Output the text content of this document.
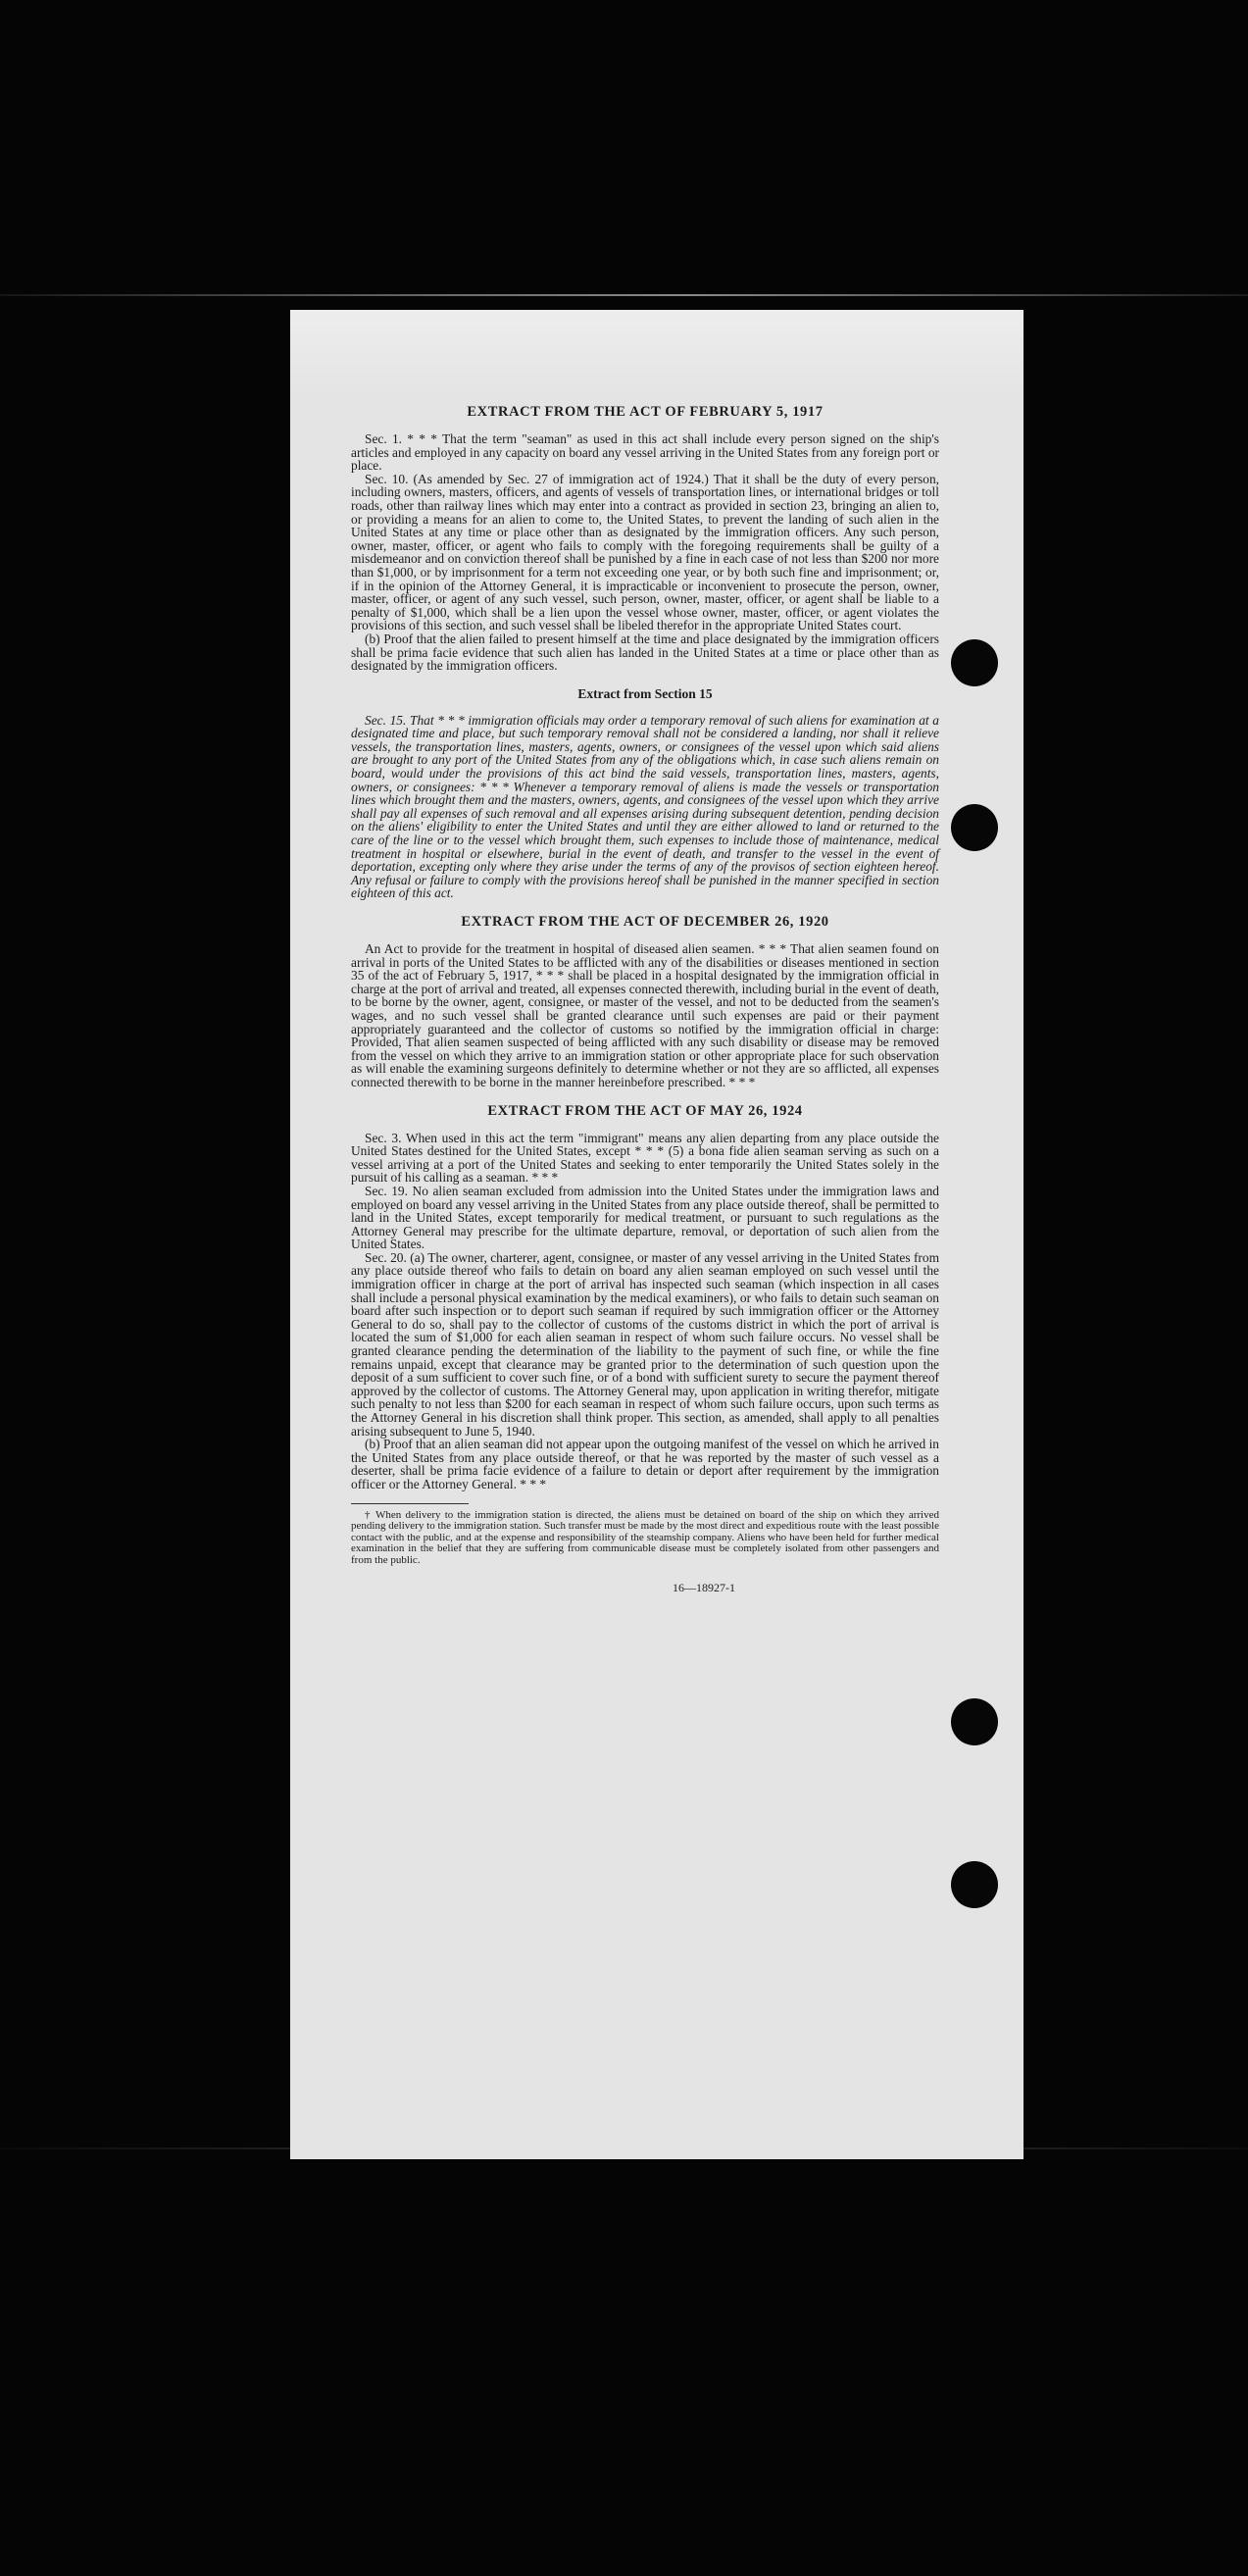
EXTRACT FROM THE ACT OF FEBRUARY 5, 1917

Sec. 1. * * * That the term "seaman" as used in this act shall include every person signed on the ship's articles and employed in any capacity on board any vessel arriving in the United States from any foreign port or place.

Sec. 10. (As amended by Sec. 27 of immigration act of 1924.) That it shall be the duty of every person, including owners, masters, officers, and agents of vessels of transportation lines, or international bridges or toll roads, other than railway lines which may enter into a contract as provided in section 23, bringing an alien to, or providing a means for an alien to come to, the United States, to prevent the landing of such alien in the United States at any time or place other than as designated by the immigration officers. Any such person, owner, master, officer, or agent who fails to comply with the foregoing requirements shall be guilty of a misdemeanor and on conviction thereof shall be punished by a fine in each case of not less than $200 nor more than $1,000, or by imprisonment for a term not exceeding one year, or by both such fine and imprisonment; or, if in the opinion of the Attorney General, it is impracticable or inconvenient to prosecute the person, owner, master, officer, or agent of any such vessel, such person, owner, master, officer, or agent shall be liable to a penalty of $1,000, which shall be a lien upon the vessel whose owner, master, officer, or agent violates the provisions of this section, and such vessel shall be libeled therefor in the appropriate United States court.

(b) Proof that the alien failed to present himself at the time and place designated by the immigration officers shall be prima facie evidence that such alien has landed in the United States at a time or place other than as designated by the immigration officers.

Extract from Section 15

Sec. 15. That * * * immigration officials may order a temporary removal of such aliens for examination at a designated time and place, but such temporary removal shall not be considered a landing, nor shall it relieve vessels, the transportation lines, masters, agents, owners, or consignees of the vessel upon which said aliens are brought to any port of the United States from any of the obligations which, in case such aliens remain on board, would under the provisions of this act bind the said vessels, transportation lines, masters, agents, owners, or consignees: * * * Whenever a temporary removal of aliens is made the vessels or transportation lines which brought them and the masters, owners, agents, and consignees of the vessel upon which they arrive shall pay all expenses of such removal and all expenses arising during subsequent detention, pending decision on the aliens' eligibility to enter the United States and until they are either allowed to land or returned to the care of the line or to the vessel which brought them, such expenses to include those of maintenance, medical treatment in hospital or elsewhere, burial in the event of death, and transfer to the vessel in the event of deportation, excepting only where they arise under the terms of any of the provisos of section eighteen hereof. Any refusal or failure to comply with the provisions hereof shall be punished in the manner specified in section eighteen of this act.

EXTRACT FROM THE ACT OF DECEMBER 26, 1920

An Act to provide for the treatment in hospital of diseased alien seamen. * * * That alien seamen found on arrival in ports of the United States to be afflicted with any of the disabilities or diseases mentioned in section 35 of the act of February 5, 1917, * * * shall be placed in a hospital designated by the immigration official in charge at the port of arrival and treated, all expenses connected therewith, including burial in the event of death, to be borne by the owner, agent, consignee, or master of the vessel, and not to be deducted from the seamen's wages, and no such vessel shall be granted clearance until such expenses are paid or their payment appropriately guaranteed and the collector of customs so notified by the immigration official in charge: Provided, That alien seamen suspected of being afflicted with any such disability or disease may be removed from the vessel on which they arrive to an immigration station or other appropriate place for such observation as will enable the examining surgeons definitely to determine whether or not they are so afflicted, all expenses connected therewith to be borne in the manner hereinbefore prescribed. * * *

EXTRACT FROM THE ACT OF MAY 26, 1924

Sec. 3. When used in this act the term "immigrant" means any alien departing from any place outside the United States destined for the United States, except * * * (5) a bona fide alien seaman serving as such on a vessel arriving at a port of the United States and seeking to enter temporarily the United States solely in the pursuit of his calling as a seaman. * * *

Sec. 19. No alien seaman excluded from admission into the United States under the immigration laws and employed on board any vessel arriving in the United States from any place outside thereof, shall be permitted to land in the United States, except temporarily for medical treatment, or pursuant to such regulations as the Attorney General may prescribe for the ultimate departure, removal, or deportation of such alien from the United States.

Sec. 20. (a) The owner, charterer, agent, consignee, or master of any vessel arriving in the United States from any place outside thereof who fails to detain on board any alien seaman employed on such vessel until the immigration officer in charge at the port of arrival has inspected such seaman (which inspection in all cases shall include a personal physical examination by the medical examiners), or who fails to detain such seaman on board after such inspection or to deport such seaman if required by such immigration officer or the Attorney General to do so, shall pay to the collector of customs of the customs district in which the port of arrival is located the sum of $1,000 for each alien seaman in respect of whom such failure occurs. No vessel shall be granted clearance pending the determination of the liability to the payment of such fine, or while the fine remains unpaid, except that clearance may be granted prior to the determination of such question upon the deposit of a sum sufficient to cover such fine, or of a bond with sufficient surety to secure the payment thereof approved by the collector of customs. The Attorney General may, upon application in writing therefor, mitigate such penalty to not less than $200 for each seaman in respect of whom such failure occurs, upon such terms as the Attorney General in his discretion shall think proper. This section, as amended, shall apply to all penalties arising subsequent to June 5, 1940.

(b) Proof that an alien seaman did not appear upon the outgoing manifest of the vessel on which he arrived in the United States from any place outside thereof, or that he was reported by the master of such vessel as a deserter, shall be prima facie evidence of a failure to detain or deport after requirement by the immigration officer or the Attorney General. * * *

† When delivery to the immigration station is directed, the aliens must be detained on board of the ship on which they arrived pending delivery to the immigration station. Such transfer must be made by the most direct and expeditious route with the least possible contact with the public, and at the expense and responsibility of the steamship company. Aliens who have been held for further medical examination in the belief that they are suffering from communicable disease must be completely isolated from other passengers and from the public.

16—18927-1
